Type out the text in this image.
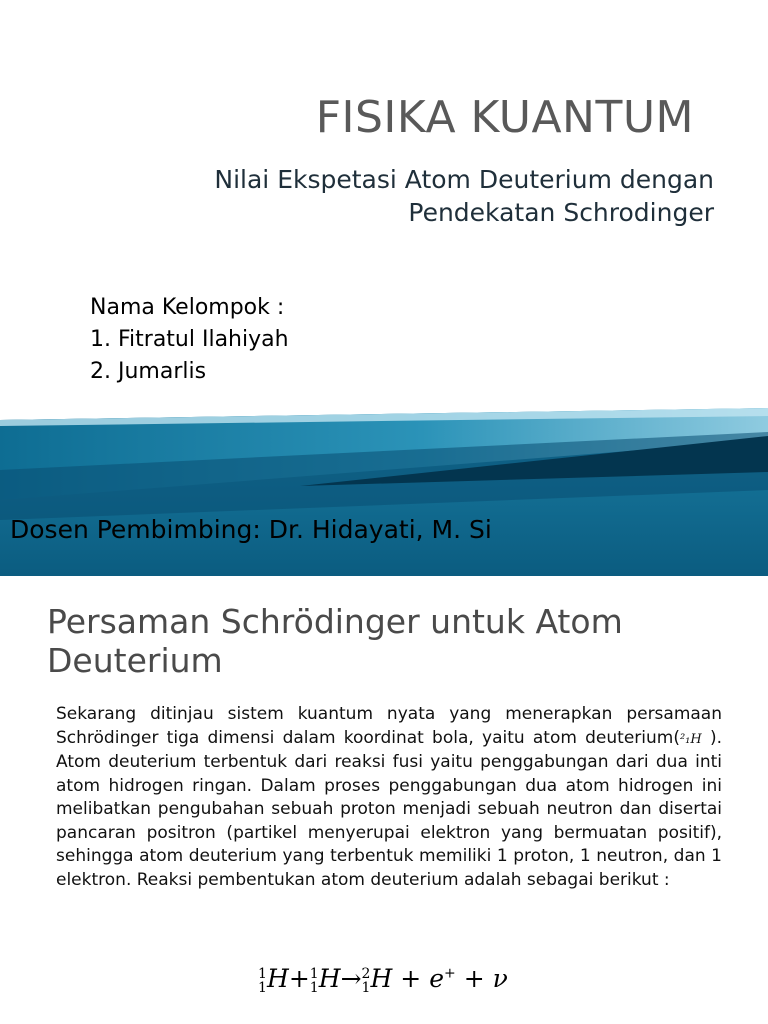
FISIKA KUANTUM
Nilai Ekspetasi Atom Deuterium dengan
Pendekatan Schrodinger
Nama Kelompok :
1. Fitratul Ilahiyah
2. Jumarlis
Dosen Pembimbing: Dr. Hidayati, M. Si
Persaman Schrödinger untuk Atom Deuterium
Sekarang ditinjau sistem kuantum nyata yang menerapkan persamaan Schrödinger tiga dimensi dalam koordinat bola, yaitu atom deuterium(²₁H ). Atom deuterium terbentuk dari reaksi fusi yaitu penggabungan dari dua inti atom hidrogen ringan. Dalam proses penggabungan dua atom hidrogen ini melibatkan pengubahan sebuah proton menjadi sebuah neutron dan disertai pancaran positron (partikel menyerupai elektron yang bermuatan positif), sehingga atom deuterium yang terbentuk memiliki 1 proton, 1 neutron, dan 1 elektron. Reaksi pembentukan atom deuterium adalah sebagai berikut :
1
1 H+ 1
1 H→ 2
1 H + e+ + ν
